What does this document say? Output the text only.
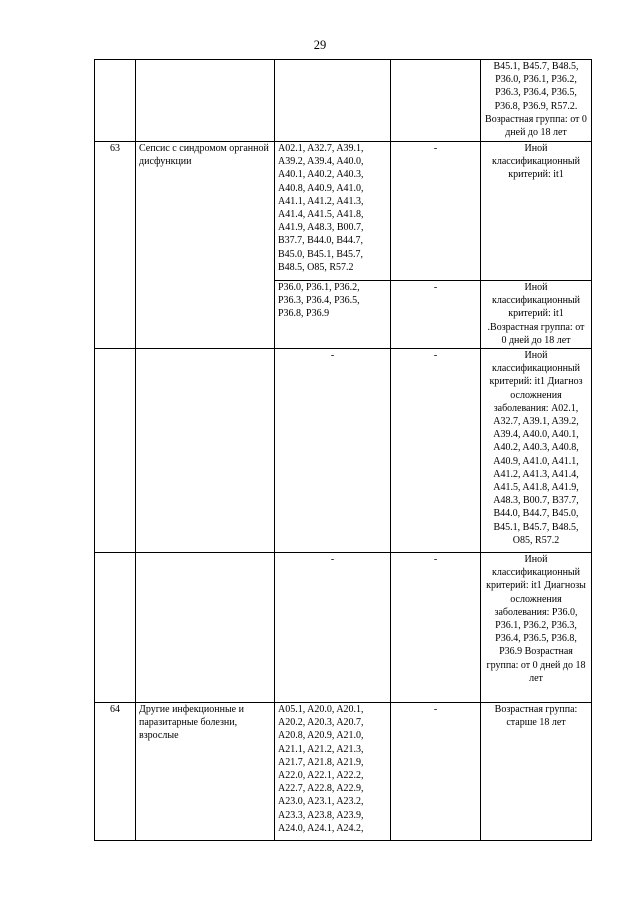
29
				B45.1, B45.7, B48.5, P36.0, P36.1, P36.2, P36.3, P36.4, P36.5, P36.8, P36.9, R57.2. Возрастная группа: от 0 дней до 18 лет
63	Сепсис с синдромом органной дисфункции	A02.1, A32.7, A39.1, A39.2, A39.4, A40.0, A40.1, A40.2, A40.3, A40.8, A40.9, A41.0, A41.1, A41.2, A41.3, A41.4, A41.5, A41.8, A41.9, A48.3, B00.7, B37.7, B44.0, B44.7, B45.0, B45.1, B45.7, B48.5, O85, R57.2	-	Иной классификационный критерий: it1
		P36.0, P36.1, P36.2, P36.3, P36.4, P36.5, P36.8, P36.9	-	Иной классификационный критерий: it1 .Возрастная группа: от 0 дней до 18 лет
		-	-	Иной классификационный критерий: it1 Диагноз осложнения заболевания: A02.1, A32.7, A39.1, A39.2, A39.4, A40.0, A40.1, A40.2, A40.3, A40.8, A40.9, A41.0, A41.1, A41.2, A41.3, A41.4, A41.5, A41.8, A41.9, A48.3, B00.7, B37.7, B44.0, B44.7, B45.0, B45.1, B45.7, B48.5, O85, R57.2
		-	-	Иной классификационный критерий: it1 Диагнозы осложнения заболевания: P36.0, P36.1, P36.2, P36.3, P36.4, P36.5, P36.8, P36.9 Возрастная группа: от 0 дней до 18 лет
64	Другие инфекционные и паразитарные болезни, взрослые	A05.1, A20.0, A20.1, A20.2, A20.3, A20.7, A20.8, A20.9, A21.0, A21.1, A21.2, A21.3, A21.7, A21.8, A21.9, A22.0, A22.1, A22.2, A22.7, A22.8, A22.9, A23.0, A23.1, A23.2, A23.3, A23.8, A23.9, A24.0, A24.1, A24.2,	-	Возрастная группа: старше 18 лет
